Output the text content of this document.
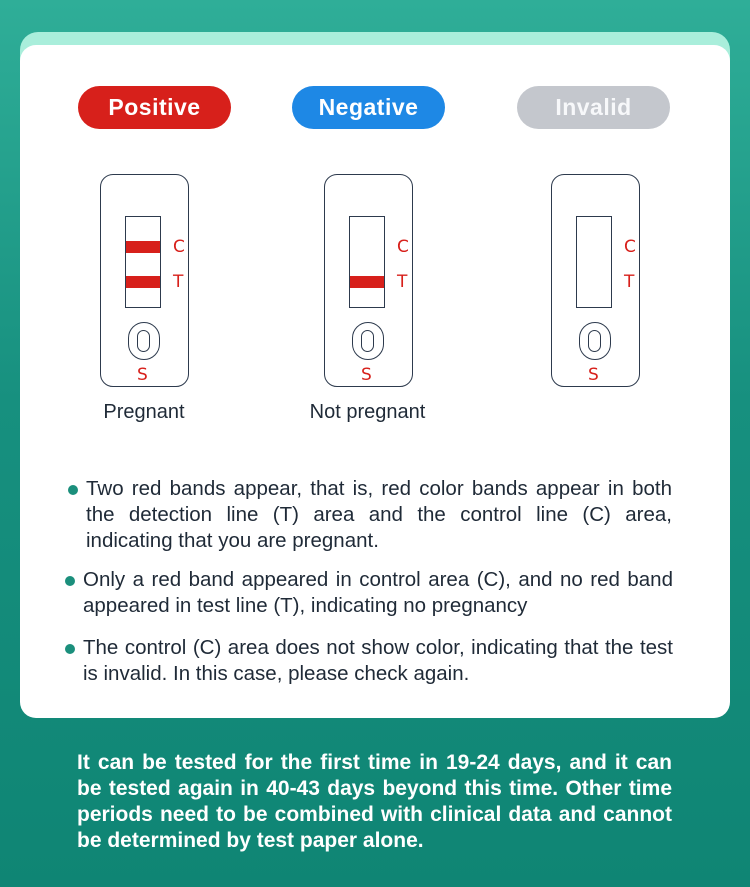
Positive	Negative	Invalid
C
T
S
C
T
S
C
T
S
Pregnant	Not pregnant
Two red bands appear, that is, red color bands appear in both the detection line (T) area and the control line (C) area, indicating that you are pregnant.
Only a red band appeared in control area (C), and no red band appeared in test line (T), indicating no pregnancy
The control (C) area does not show color, indicating that the test is invalid. In this case, please check again.
It can be tested for the first time in 19-24 days, and it can be tested again in 40-43 days beyond this time. Other time periods need to be combined with clinical data and cannot be determined by test paper alone.
